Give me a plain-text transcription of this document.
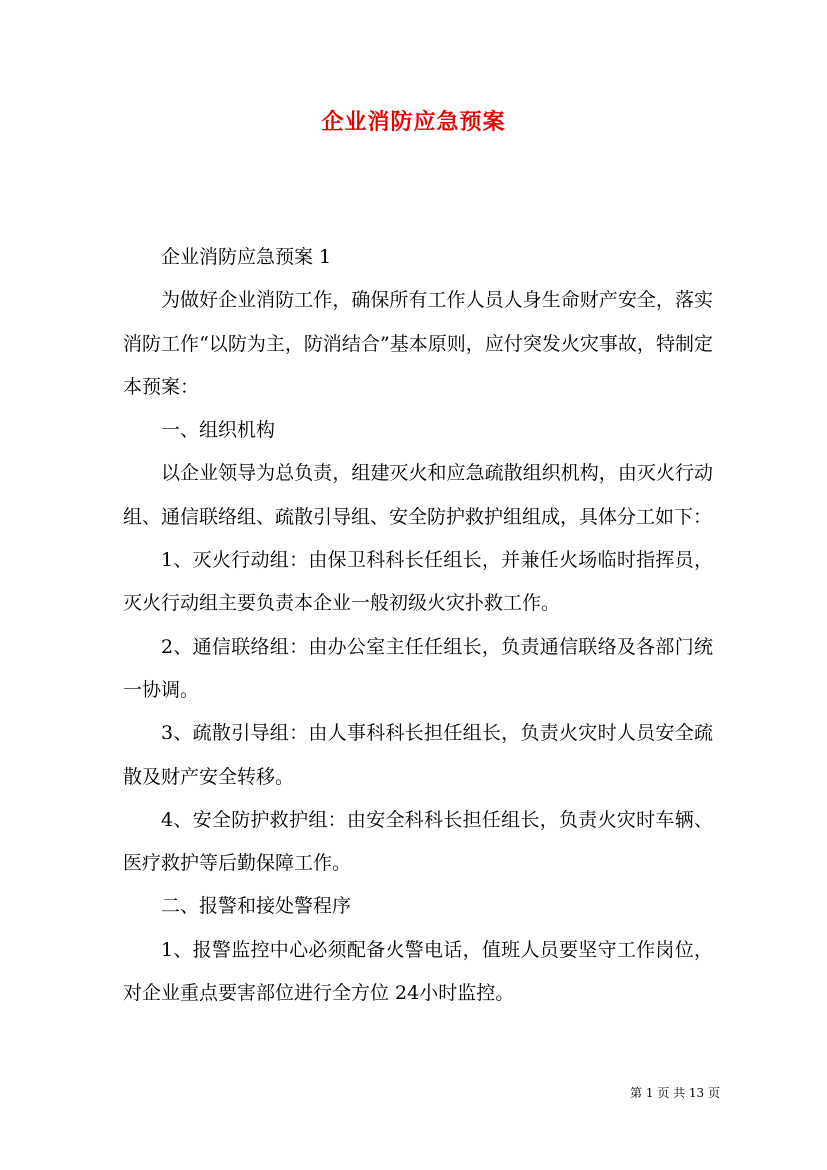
企业消防应急预案

企业消防应急预案 1

为做好企业消防工作，确保所有工作人员人身生命财产安全，落实消防工作“以防为主，防消结合”基本原则，应付突发火灾事故，特制定本预案：

一、组织机构

以企业领导为总负责，组建灭火和应急疏散组织机构，由灭火行动组、通信联络组、疏散引导组、安全防护救护组组成，具体分工如下：

1、灭火行动组：由保卫科科长任组长，并兼任火场临时指挥员，灭火行动组主要负责本企业一般初级火灾扑救工作。

2、通信联络组：由办公室主任任组长，负责通信联络及各部门统一协调。

3、疏散引导组：由人事科科长担任组长，负责火灾时人员安全疏散及财产安全转移。

4、安全防护救护组：由安全科科长担任组长，负责火灾时车辆、医疗救护等后勤保障工作。

二、报警和接处警程序

1、报警监控中心必须配备火警电话，值班人员要坚守工作岗位，对企业重点要害部位进行全方位 24小时监控。

第 1 页 共 13 页
